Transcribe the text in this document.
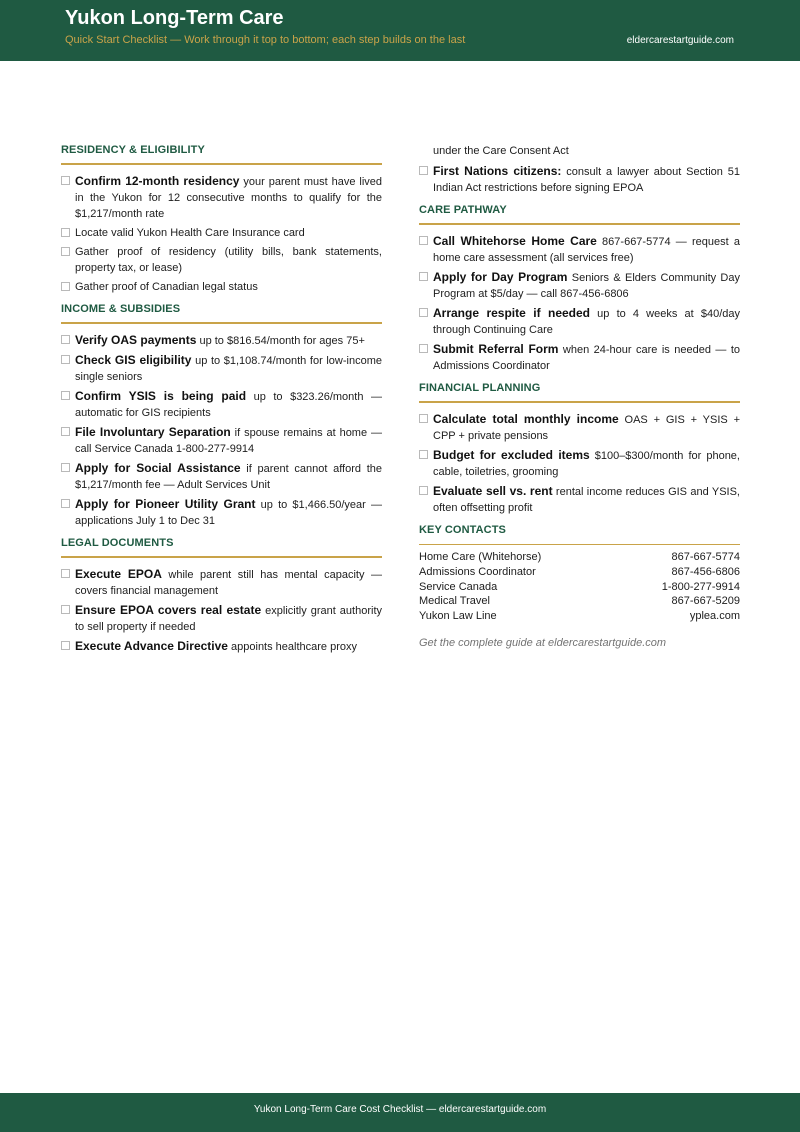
Yukon Long-Term Care
Quick Start Checklist — Work through it top to bottom; each step builds on the last	eldercarestartguide.com
RESIDENCY & ELIGIBILITY
Confirm 12-month residency your parent must have lived in the Yukon for 12 consecutive months to qualify for the $1,217/month rate
Locate valid Yukon Health Care Insurance card
Gather proof of residency (utility bills, bank statements, property tax, or lease)
Gather proof of Canadian legal status
INCOME & SUBSIDIES
Verify OAS payments up to $816.54/month for ages 75+
Check GIS eligibility up to $1,108.74/month for low-income single seniors
Confirm YSIS is being paid up to $323.26/month — automatic for GIS recipients
File Involuntary Separation if spouse remains at home — call Service Canada 1-800-277-9914
Apply for Social Assistance if parent cannot afford the $1,217/month fee — Adult Services Unit
Apply for Pioneer Utility Grant up to $1,466.50/year — applications July 1 to Dec 31
LEGAL DOCUMENTS
Execute EPOA while parent still has mental capacity — covers financial management
Ensure EPOA covers real estate explicitly grant authority to sell property if needed
Execute Advance Directive appoints healthcare proxy
under the Care Consent Act
First Nations citizens: consult a lawyer about Section 51 Indian Act restrictions before signing EPOA
CARE PATHWAY
Call Whitehorse Home Care 867-667-5774 — request a home care assessment (all services free)
Apply for Day Program Seniors & Elders Community Day Program at $5/day — call 867-456-6806
Arrange respite if needed up to 4 weeks at $40/day through Continuing Care
Submit Referral Form when 24-hour care is needed — to Admissions Coordinator
FINANCIAL PLANNING
Calculate total monthly income OAS + GIS + YSIS + CPP + private pensions
Budget for excluded items $100–$300/month for phone, cable, toiletries, grooming
Evaluate sell vs. rent rental income reduces GIS and YSIS, often offsetting profit
KEY CONTACTS
Home Care (Whitehorse)	867-667-5774
Admissions Coordinator	867-456-6806
Service Canada	1-800-277-9914
Medical Travel	867-667-5209
Yukon Law Line	yplea.com
Get the complete guide at eldercarestartguide.com
Yukon Long-Term Care Cost Checklist — eldercarestartguide.com
